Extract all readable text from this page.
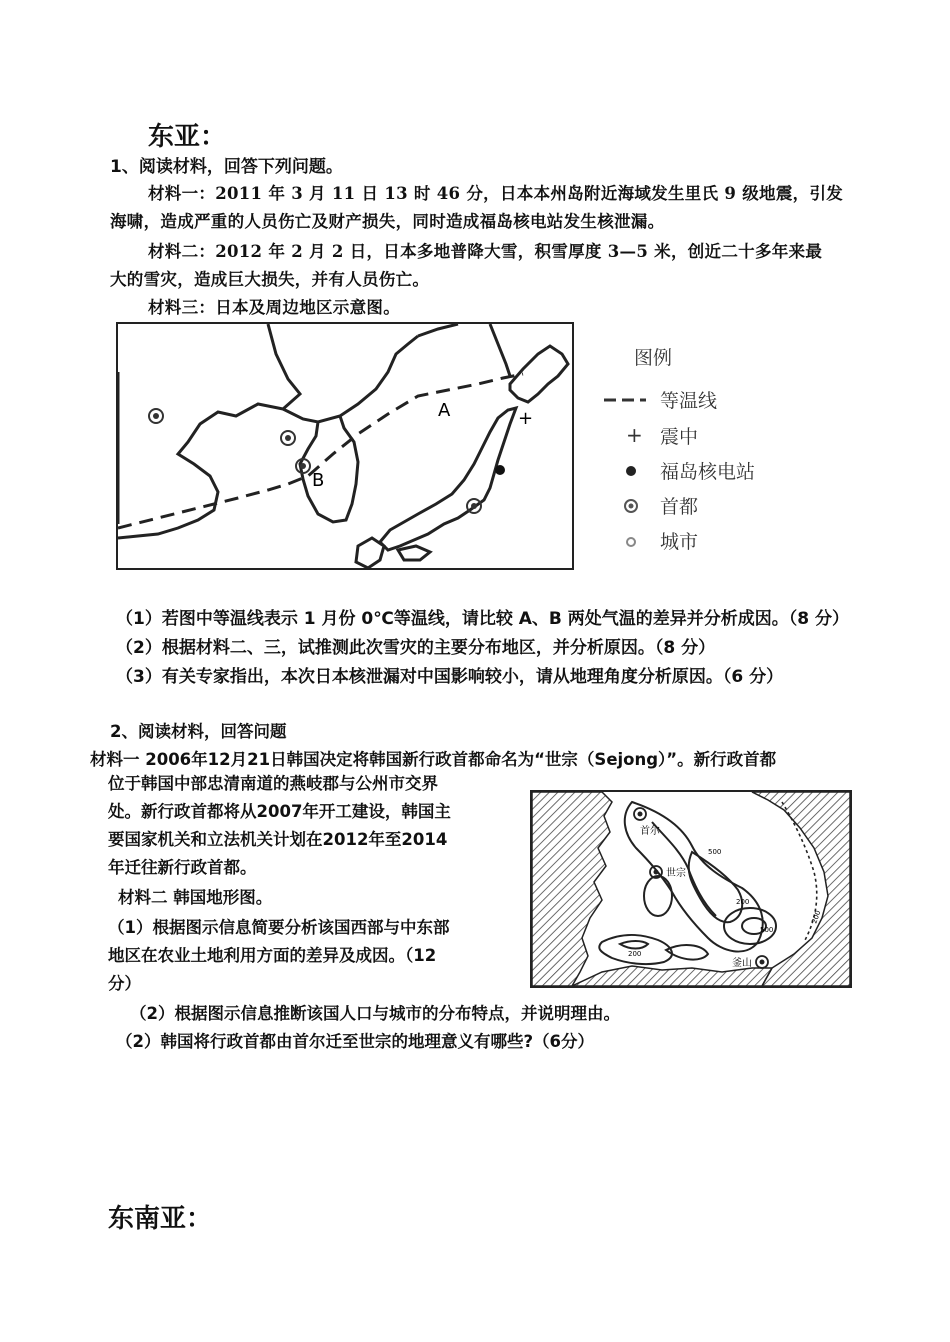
东亚：
1、阅读材料，回答下列问题。
材料一：2011 年 3 月 11 日 13 时 46 分，日本本州岛附近海域发生里氏 9 级地震，引发
海啸，造成严重的人员伤亡及财产损失，同时造成福岛核电站发生核泄漏。
材料二：2012 年 2 月 2 日，日本多地普降大雪，积雪厚度 3—5 米，创近二十多年来最
大的雪灾，造成巨大损失，并有人员伤亡。
材料三：日本及周边地区示意图。
+
A
B
图例
等温线
+ 震中
福岛核电站
首都
城市
（1）若图中等温线表示 1 月份 0℃等温线，请比较 A、B 两处气温的差异并分析成因。（8 分）
（2）根据材料二、三，试推测此次雪灾的主要分布地区，并分析原因。（8 分）
（3）有关专家指出，本次日本核泄漏对中国影响较小，请从地理角度分析原因。（6 分）
2、阅读材料，回答问题
材料一 2006年12月21日韩国决定将韩国新行政首都命名为“世宗（Sejong）”。新行政首都
位于韩国中部忠清南道的燕岐郡与公州市交界
处。新行政首都将从2007年开工建设，韩国主
要国家机关和立法机关计划在2012年至2014
年迁往新行政首都。
材料二 韩国地形图。
（1）根据图示信息简要分析该国西部与中东部
地区在农业土地利用方面的差异及成因。（12
分）
500
200
500
200
200
首尔
世宗
釜山
（2）根据图示信息推断该国人口与城市的分布特点，并说明理由。
（2）韩国将行政首都由首尔迁至世宗的地理意义有哪些?（6分）
东南亚：
